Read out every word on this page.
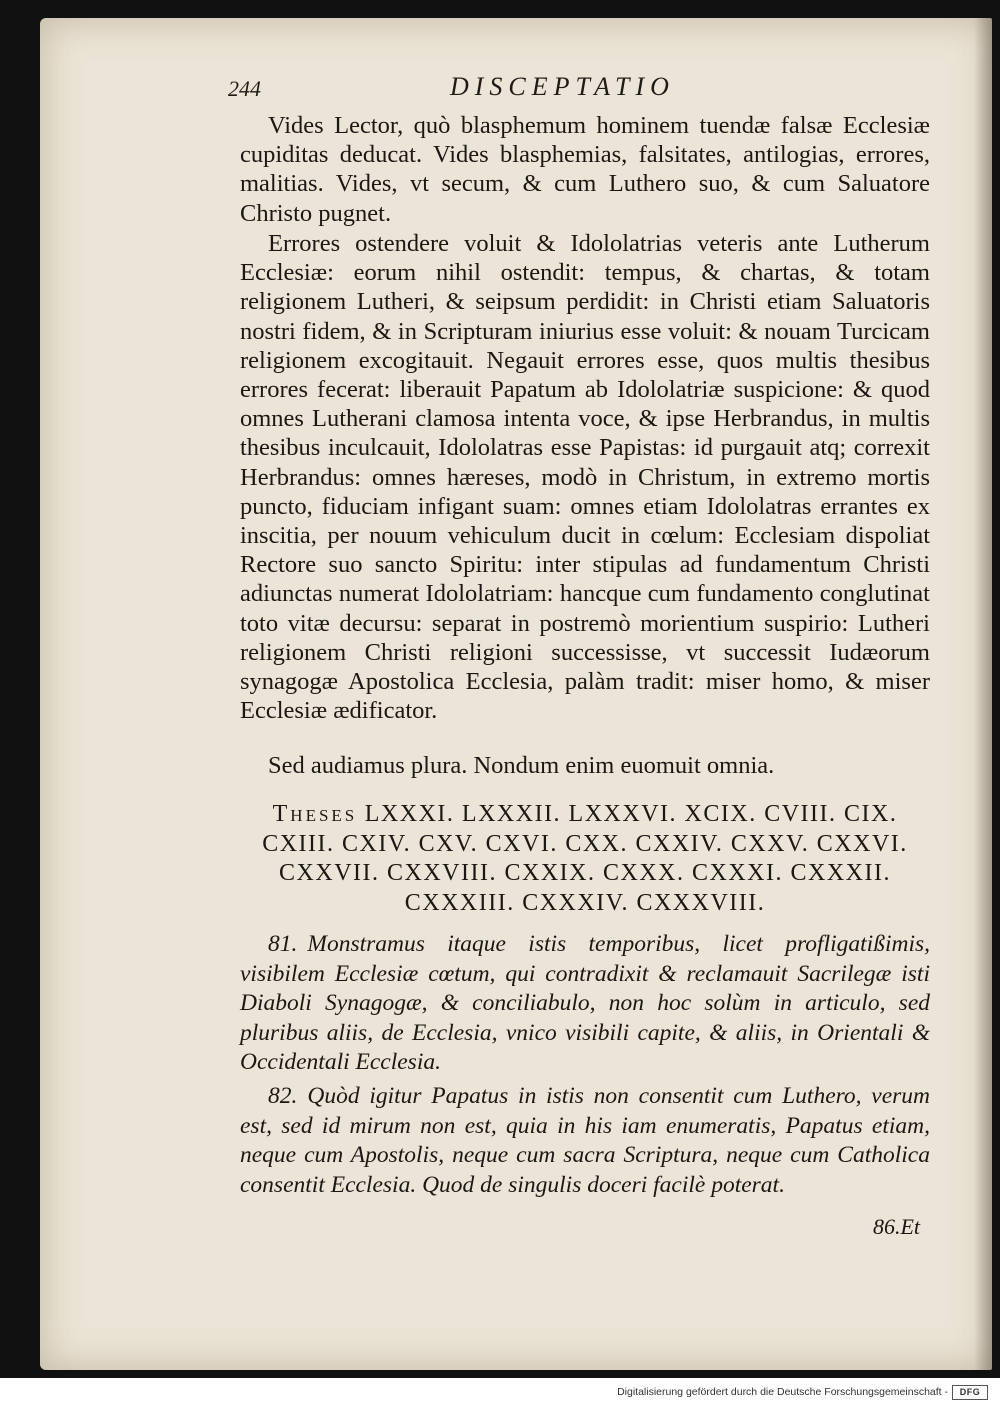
244	DISCEPTATIO

Vides Lector, quò blasphemum hominem tuendæ falsæ Ecclesiæ cupiditas deducat. Vides blasphemias, falsitates, antilogias, errores, malitias. Vides, vt secum, & cum Luthero suo, & cum Saluatore Christo pugnet.

Errores ostendere voluit & Idololatrias veteris ante Lutherum Ecclesiæ: eorum nihil ostendit: tempus, & chartas, & totam religionem Lutheri, & seipsum perdidit: in Christi etiam Saluatoris nostri fidem, & in Scripturam iniurius esse voluit: & nouam Turcicam religionem excogitauit. Negauit errores esse, quos multis thesibus errores fecerat: liberauit Papatum ab Idololatriæ suspicione: & quod omnes Lutherani clamosa intenta voce, & ipse Herbrandus, in multis thesibus inculcauit, Idololatras esse Papistas: id purgauit atq; correxit Herbrandus: omnes hæreses, modò in Christum, in extremo mortis puncto, fiduciam infigant suam: omnes etiam Idololatras errantes ex inscitia, per nouum vehiculum ducit in cœlum: Ecclesiam dispoliat Rectore suo sancto Spiritu: inter stipulas ad fundamentum Christi adiunctas numerat Idololatriam: hancque cum fundamento conglutinat toto vitæ decursu: separat in postremò morientium suspirio: Lutheri religionem Christi religioni successisse, vt successit Iudæorum synagogæ Apostolica Ecclesia, palàm tradit: miser homo, & miser Ecclesiæ ædificator.

Sed audiamus plura. Nondum enim euomuit omnia.

Theses LXXXI. LXXXII. LXXXVI. XCIX. CVIII. CIX. CXIII. CXIV. CXV. CXVI. CXX. CXXIV. CXXV. CXXVI. CXXVII. CXXVIII. CXXIX. CXXX. CXXXI. CXXXII. CXXXIII. CXXXIV. CXXXVIII.
81. Monstramus itaque istis temporibus, licet profligatißimis, visibilem Ecclesiæ cœtum, qui contradixit & reclamauit Sacrilegæ isti Diaboli Synagogæ, & conciliabulo, non hoc solùm in articulo, sed pluribus aliis, de Ecclesia, vnico visibili capite, & aliis, in Orientali & Occidentali Ecclesia.
82. Quòd igitur Papatus in istis non consentit cum Luthero, verum est, sed id mirum non est, quia in his iam enumeratis, Papatus etiam, neque cum Apostolis, neque cum sacra Scriptura, neque cum Catholica consentit Ecclesia. Quod de singulis doceri facilè poterat.
86.Et
Digitalisierung gefördert durch die Deutsche Forschungsgemeinschaft -	DFG
